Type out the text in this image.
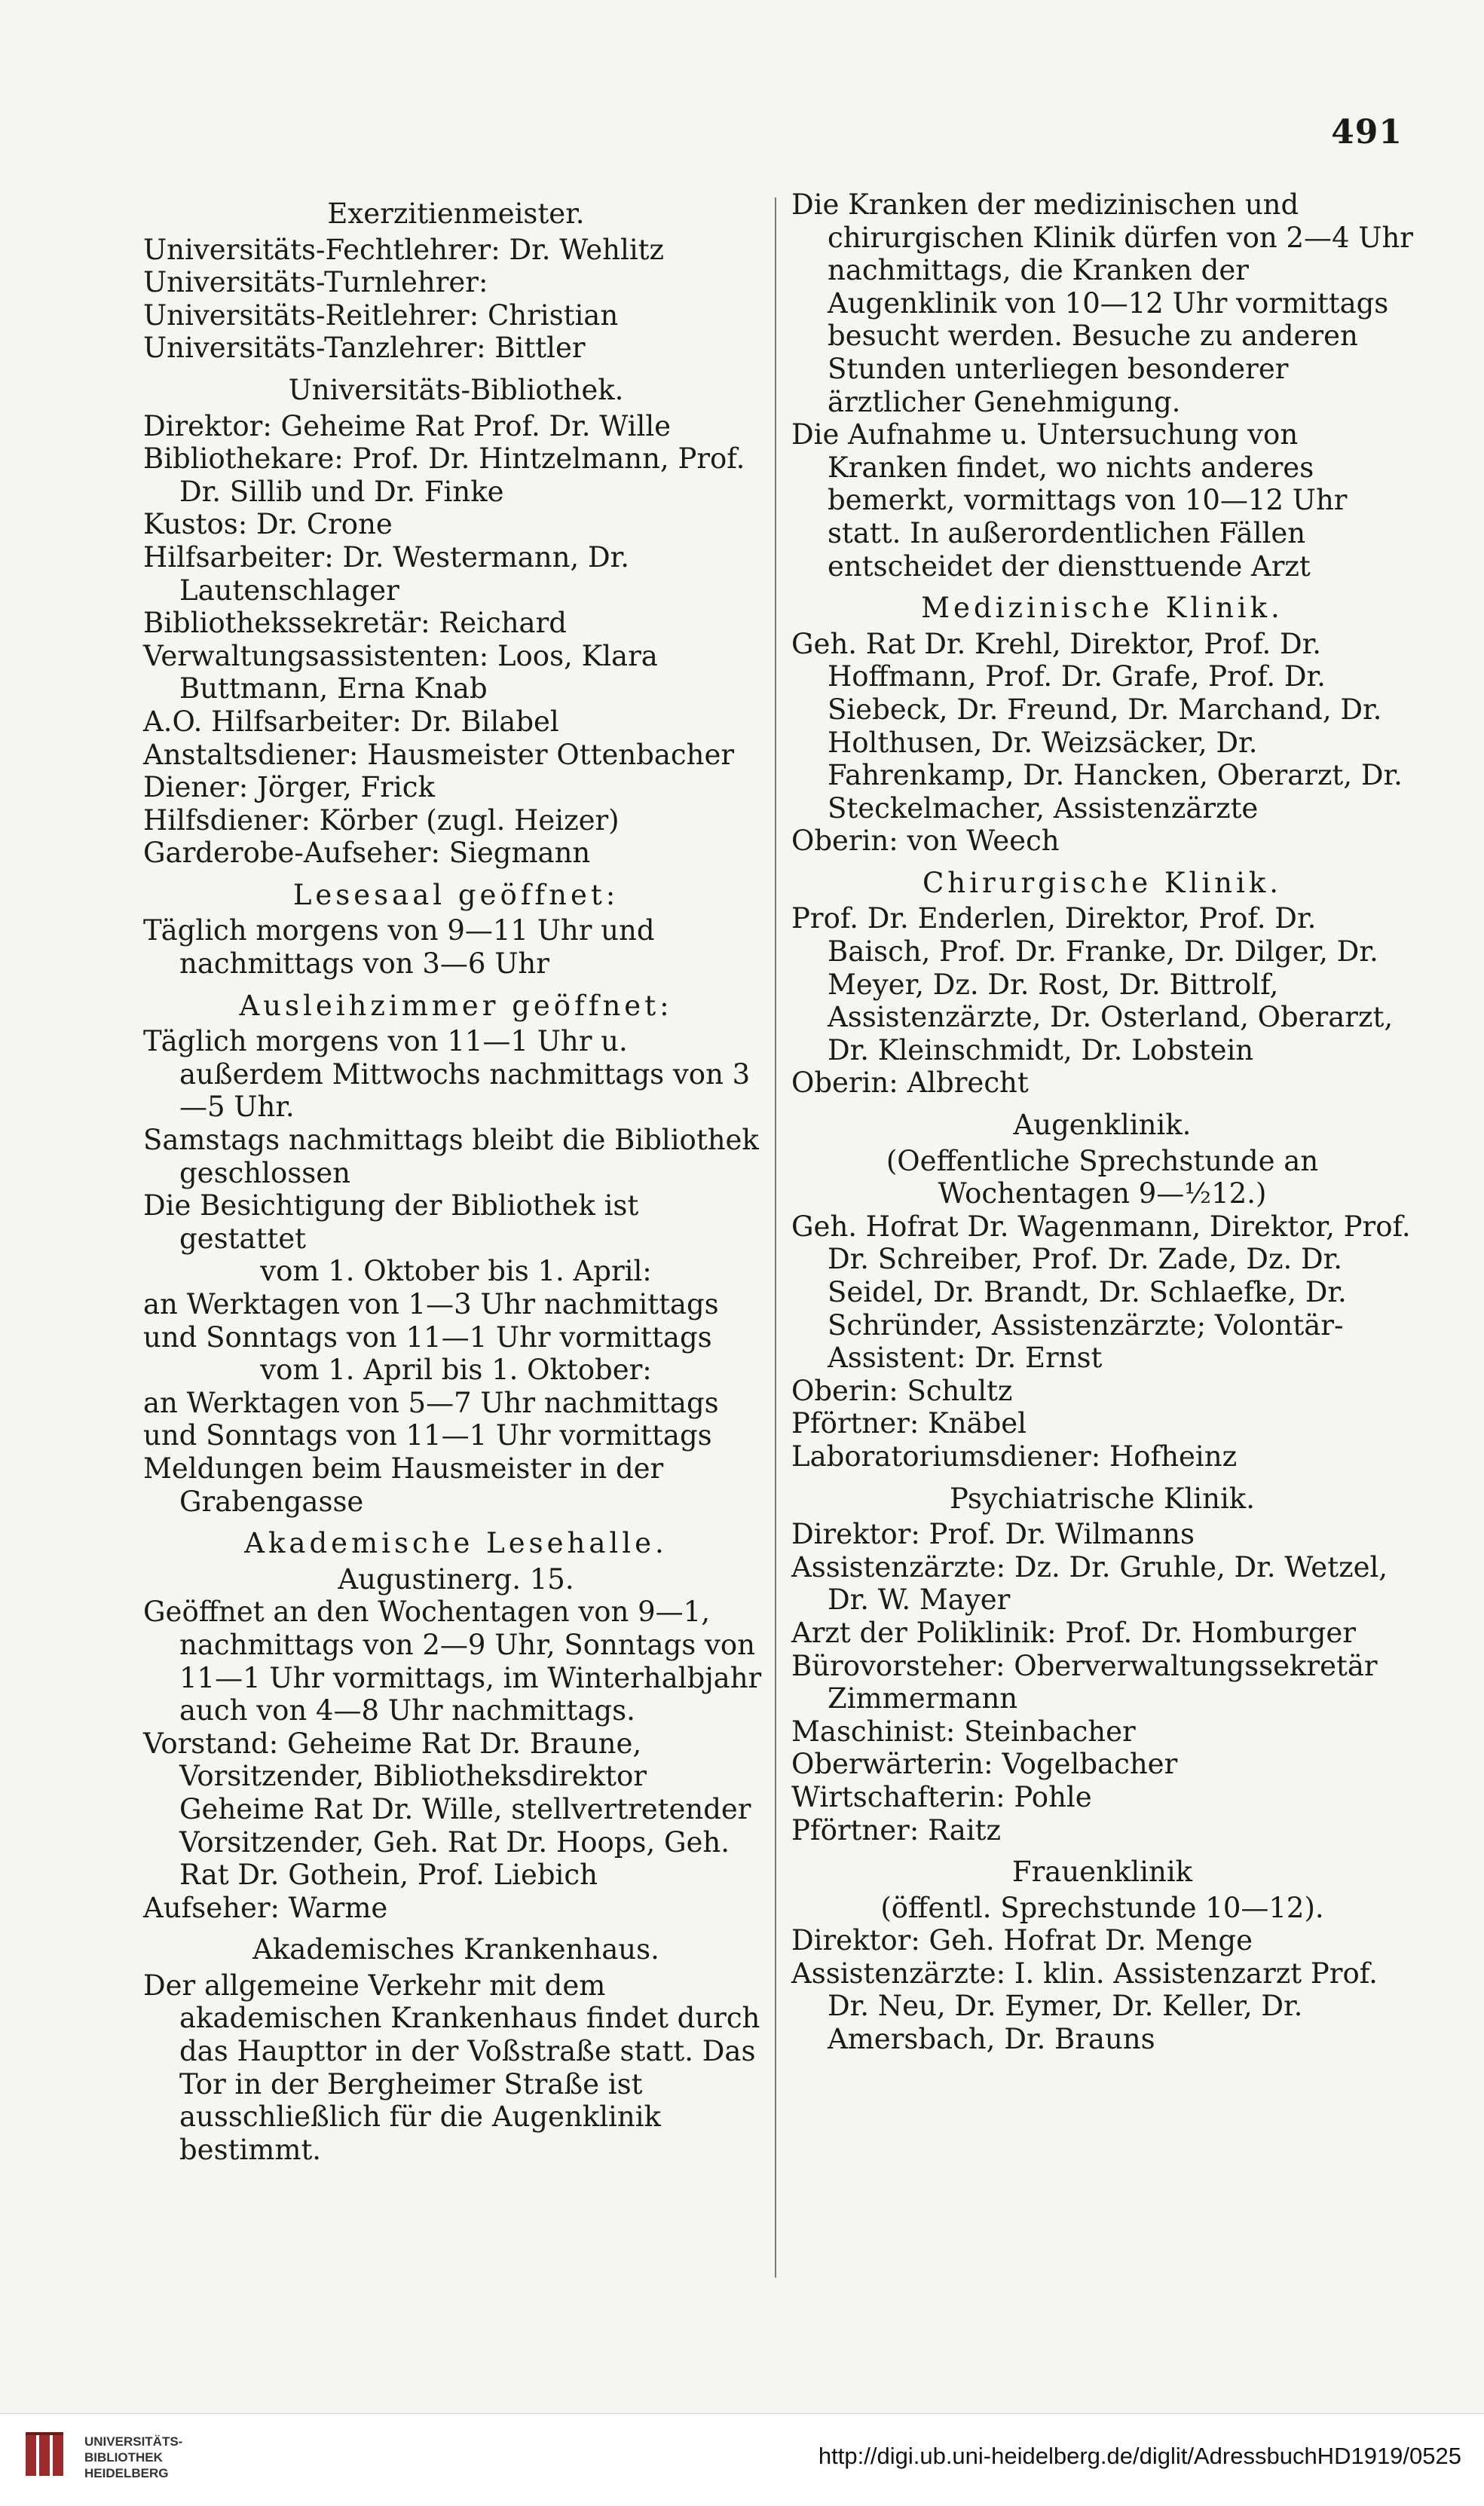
491
Exerzitienmeister.
Universitäts-Fechtlehrer: Dr. Wehlitz
Universitäts-Turnlehrer:
Universitäts-Reitlehrer: Christian
Universitäts-Tanzlehrer: Bittler
Universitäts-Bibliothek.
Direktor: Geheime Rat Prof. Dr. Wille
Bibliothekare: Prof. Dr. Hintzelmann, Prof. Dr. Sillib und Dr. Finke
Kustos: Dr. Crone
Hilfsarbeiter: Dr. Westermann, Dr. Lautenschlager
Bibliothekssekretär: Reichard
Verwaltungsassistenten: Loos, Klara Buttmann, Erna Knab
A.O. Hilfsarbeiter: Dr. Bilabel
Anstaltsdiener: Hausmeister Ottenbacher
Diener: Jörger, Frick
Hilfsdiener: Körber (zugl. Heizer)
Garderobe-Aufseher: Siegmann
Lesesaal geöffnet:
Täglich morgens von 9—11 Uhr und nachmittags von 3—6 Uhr
Ausleihzimmer geöffnet:
Täglich morgens von 11—1 Uhr u. außerdem Mittwochs nachmittags von 3—5 Uhr.
Samstags nachmittags bleibt die Bibliothek geschlossen
Die Besichtigung der Bibliothek ist gestattet
vom 1. Oktober bis 1. April:
an Werktagen von 1—3 Uhr nachmittags
und Sonntags von 11—1 Uhr vormittags
vom 1. April bis 1. Oktober:
an Werktagen von 5—7 Uhr nachmittags
und Sonntags von 11—1 Uhr vormittags
Meldungen beim Hausmeister in der Grabengasse
Akademische Lesehalle.
Augustinerg. 15.
Geöffnet an den Wochentagen von 9—1, nachmittags von 2—9 Uhr, Sonntags von 11—1 Uhr vormittags, im Winterhalbjahr auch von 4—8 Uhr nachmittags.
Vorstand: Geheime Rat Dr. Braune, Vorsitzender, Bibliotheksdirektor Geheime Rat Dr. Wille, stellvertretender Vorsitzender, Geh. Rat Dr. Hoops, Geh. Rat Dr. Gothein, Prof. Liebich
Aufseher: Warme
Akademisches Krankenhaus.
Der allgemeine Verkehr mit dem akademischen Krankenhaus findet durch das Haupttor in der Voßstraße statt. Das Tor in der Bergheimer Straße ist ausschließlich für die Augenklinik bestimmt.
Die Kranken der medizinischen und chirurgischen Klinik dürfen von 2—4 Uhr nachmittags, die Kranken der Augenklinik von 10—12 Uhr vormittags besucht werden. Besuche zu anderen Stunden unterliegen besonderer ärztlicher Genehmigung.
Die Aufnahme u. Untersuchung von Kranken findet, wo nichts anderes bemerkt, vormittags von 10—12 Uhr statt. In außerordentlichen Fällen entscheidet der diensttuende Arzt
Medizinische Klinik.
Geh. Rat Dr. Krehl, Direktor, Prof. Dr. Hoffmann, Prof. Dr. Grafe, Prof. Dr. Siebeck, Dr. Freund, Dr. Marchand, Dr. Holthusen, Dr. Weizsäcker, Dr. Fahrenkamp, Dr. Hancken, Oberarzt, Dr. Steckelmacher, Assistenzärzte
Oberin: von Weech
Chirurgische Klinik.
Prof. Dr. Enderlen, Direktor, Prof. Dr. Baisch, Prof. Dr. Franke, Dr. Dilger, Dr. Meyer, Dz. Dr. Rost, Dr. Bittrolf, Assistenzärzte, Dr. Osterland, Oberarzt, Dr. Kleinschmidt, Dr. Lobstein
Oberin: Albrecht
Augenklinik.
(Oeffentliche Sprechstunde an Wochentagen 9—½12.)
Geh. Hofrat Dr. Wagenmann, Direktor, Prof. Dr. Schreiber, Prof. Dr. Zade, Dz. Dr. Seidel, Dr. Brandt, Dr. Schlaefke, Dr. Schründer, Assistenzärzte; Volontär-Assistent: Dr. Ernst
Oberin: Schultz
Pförtner: Knäbel
Laboratoriumsdiener: Hofheinz
Psychiatrische Klinik.
Direktor: Prof. Dr. Wilmanns
Assistenzärzte: Dz. Dr. Gruhle, Dr. Wetzel, Dr. W. Mayer
Arzt der Poliklinik: Prof. Dr. Homburger
Bürovorsteher: Oberverwaltungssekretär Zimmermann
Maschinist: Steinbacher
Oberwärterin: Vogelbacher
Wirtschafterin: Pohle
Pförtner: Raitz
Frauenklinik
(öffentl. Sprechstunde 10—12).
Direktor: Geh. Hofrat Dr. Menge
Assistenzärzte: I. klin. Assistenzarzt Prof. Dr. Neu, Dr. Eymer, Dr. Keller, Dr. Amersbach, Dr. Brauns
UNIVERSITÄTS-
BIBLIOTHEK
HEIDELBERG
http://digi.ub.uni-heidelberg.de/diglit/AdressbuchHD1919/0525
